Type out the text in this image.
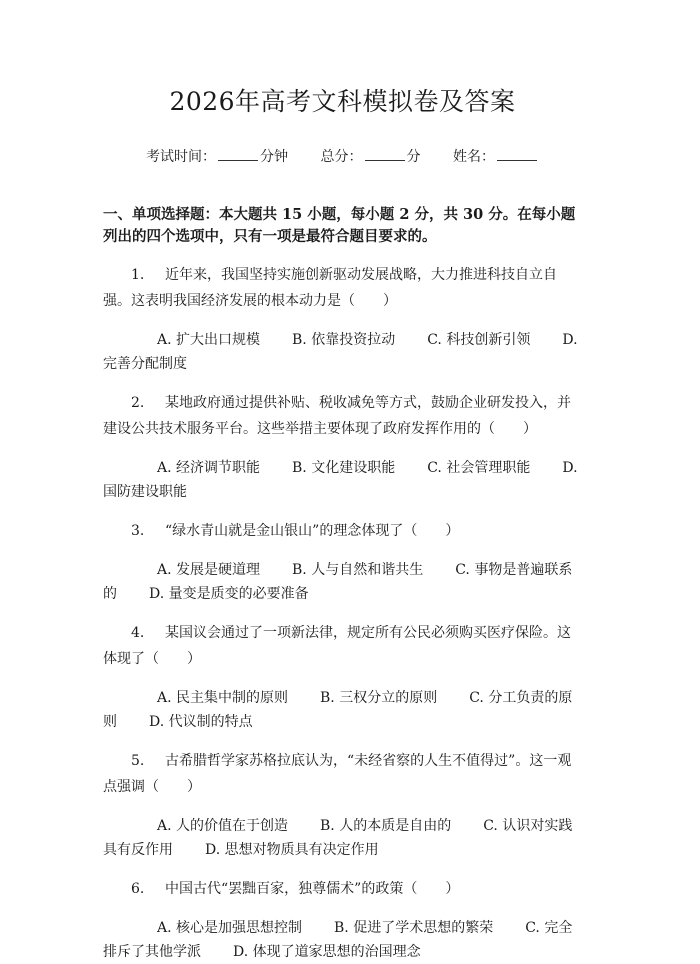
2026年高考文科模拟卷及答案
考试时间：	分钟 总分：	分 姓名：
一、单项选择题：本大题共 15 小题，每小题 2 分，共 30 分。在每小题列出的四个选项中，只有一项是最符合题目要求的。
1. 近年来，我国坚持实施创新驱动发展战略，大力推进科技自立自强。这表明我国经济发展的根本动力是（　　）
A. 扩大出口规模 B. 依靠投资拉动 C. 科技创新引领 D. 完善分配制度
2. 某地政府通过提供补贴、税收减免等方式，鼓励企业研发投入，并建设公共技术服务平台。这些举措主要体现了政府发挥作用的（　　）
A. 经济调节职能 B. 文化建设职能 C. 社会管理职能 D. 国防建设职能
3. “绿水青山就是金山银山”的理念体现了（　　）
A. 发展是硬道理 B. 人与自然和谐共生 C. 事物是普遍联系的 D. 量变是质变的必要准备
4. 某国议会通过了一项新法律，规定所有公民必须购买医疗保险。这体现了（　　）
A. 民主集中制的原则 B. 三权分立的原则 C. 分工负责的原则 D. 代议制的特点
5. 古希腊哲学家苏格拉底认为，“未经省察的人生不值得过”。这一观点强调（　　）
A. 人的价值在于创造 B. 人的本质是自由的 C. 认识对实践具有反作用 D. 思想对物质具有决定作用
6. 中国古代“罢黜百家，独尊儒术”的政策（　　）
A. 核心是加强思想控制 B. 促进了学术思想的繁荣 C. 完全排斥了其他学派 D. 体现了道家思想的治国理念
